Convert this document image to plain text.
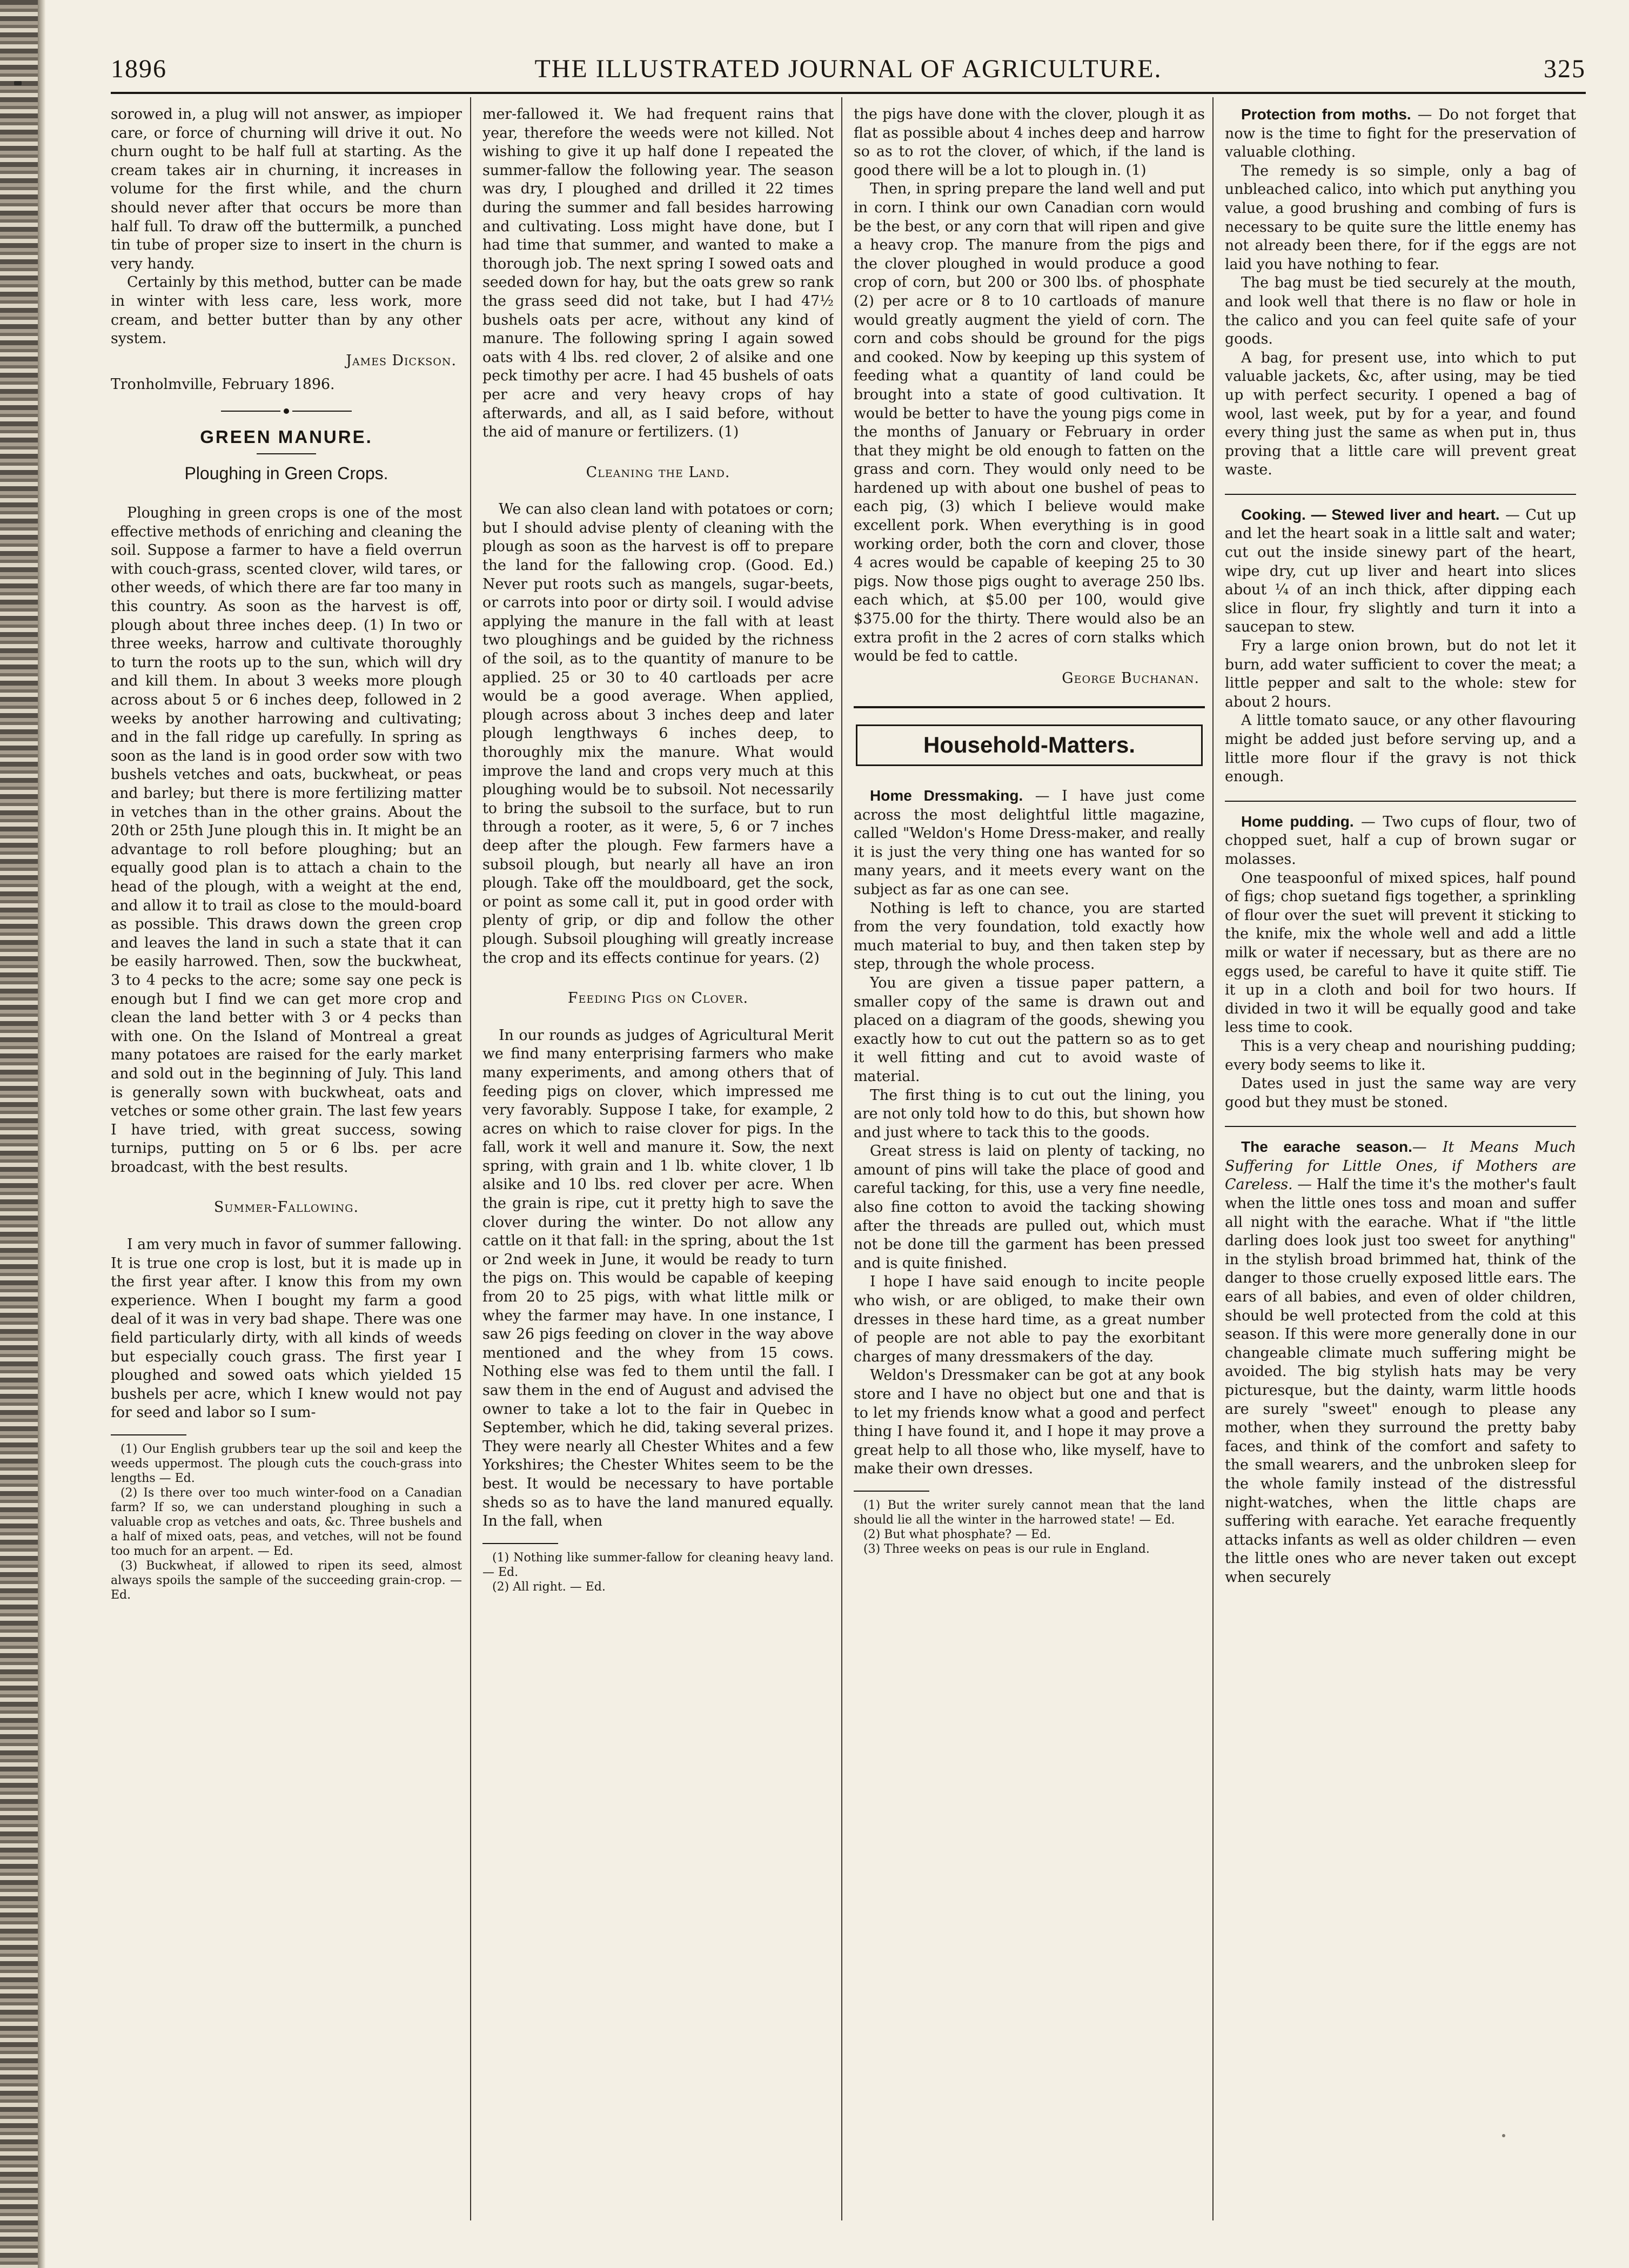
1896	THE ILLUSTRATED JOURNAL OF AGRICULTURE.	325

sorowed in, a plug will not answer, as impioper care, or force of churning will drive it out. No churn ought to be half full at starting. As the cream takes air in churning, it increases in volume for the first while, and the churn should never after that occurs be more than half full. To draw off the buttermilk, a punched tin tube of proper size to insert in the churn is very handy.

Certainly by this method, butter can be made in winter with less care, less work, more cream, and better butter than by any other system.

James Dickson.

Tronholmville, February 1896.

GREEN MANURE.
Ploughing in Green Crops.

Ploughing in green crops is one of the most effective methods of enriching and cleaning the soil. Suppose a farmer to have a field overrun with couch-grass, scented clover, wild tares, or other weeds, of which there are far too many in this country. As soon as the harvest is off, plough about three inches deep. (1) In two or three weeks, harrow and cultivate thoroughly to turn the roots up to the sun, which will dry and kill them. In about 3 weeks more plough across about 5 or 6 inches deep, followed in 2 weeks by another harrowing and cultivating; and in the fall ridge up carefully. In spring as soon as the land is in good order sow with two bushels vetches and oats, buckwheat, or peas and barley; but there is more fertilizing matter in vetches than in the other grains. About the 20th or 25th June plough this in. It might be an advantage to roll before ploughing; but an equally good plan is to attach a chain to the head of the plough, with a weight at the end, and allow it to trail as close to the mould-board as possible. This draws down the green crop and leaves the land in such a state that it can be easily harrowed. Then, sow the buckwheat, 3 to 4 pecks to the acre; some say one peck is enough but I find we can get more crop and clean the land better with 3 or 4 pecks than with one. On the Island of Montreal a great many potatoes are raised for the early market and sold out in the beginning of July. This land is generally sown with buckwheat, oats and vetches or some other grain. The last few years I have tried, with great success, sowing turnips, putting on 5 or 6 lbs. per acre broadcast, with the best results.

Summer-Fallowing.

I am very much in favor of summer fallowing. It is true one crop is lost, but it is made up in the first year after. I know this from my own experience. When I bought my farm a good deal of it was in very bad shape. There was one field particularly dirty, with all kinds of weeds but especially couch grass. The first year I ploughed and sowed oats which yielded 15 bushels per acre, which I knew would not pay for seed and labor so I sum-

(1) Our English grubbers tear up the soil and keep the weeds uppermost. The plough cuts the couch-grass into lengths — Ed.

(2) Is there over too much winter-food on a Canadian farm? If so, we can understand ploughing in such a valuable crop as vetches and oats, &c. Three bushels and a half of mixed oats, peas, and vetches, will not be found too much for an arpent. — Ed.

(3) Buckwheat, if allowed to ripen its seed, almost always spoils the sample of the succeeding grain-crop. — Ed.

mer-fallowed it. We had frequent rains that year, therefore the weeds were not killed. Not wishing to give it up half done I repeated the summer-fallow the following year. The season was dry, I ploughed and drilled it 22 times during the summer and fall besides harrowing and cultivating. Loss might have done, but I had time that summer, and wanted to make a thorough job. The next spring I sowed oats and seeded down for hay, but the oats grew so rank the grass seed did not take, but I had 47½ bushels oats per acre, without any kind of manure. The following spring I again sowed oats with 4 lbs. red clover, 2 of alsike and one peck timothy per acre. I had 45 bushels of oats per acre and very heavy crops of hay afterwards, and all, as I said before, without the aid of manure or fertilizers. (1)

Cleaning the Land.

We can also clean land with potatoes or corn; but I should advise plenty of cleaning with the plough as soon as the harvest is off to prepare the land for the fallowing crop. (Good. Ed.) Never put roots such as mangels, sugar-beets, or carrots into poor or dirty soil. I would advise applying the manure in the fall with at least two ploughings and be guided by the richness of the soil, as to the quantity of manure to be applied. 25 or 30 to 40 cartloads per acre would be a good average. When applied, plough across about 3 inches deep and later plough lengthways 6 inches deep, to thoroughly mix the manure. What would improve the land and crops very much at this ploughing would be to subsoil. Not necessarily to bring the subsoil to the surface, but to run through a rooter, as it were, 5, 6 or 7 inches deep after the plough. Few farmers have a subsoil plough, but nearly all have an iron plough. Take off the mouldboard, get the sock, or point as some call it, put in good order with plenty of grip, or dip and follow the other plough. Subsoil ploughing will greatly increase the crop and its effects continue for years. (2)

Feeding Pigs on Clover.

In our rounds as judges of Agricultural Merit we find many enterprising farmers who make many experiments, and among others that of feeding pigs on clover, which impressed me very favorably. Suppose I take, for example, 2 acres on which to raise clover for pigs. In the fall, work it well and manure it. Sow, the next spring, with grain and 1 lb. white clover, 1 lb alsike and 10 lbs. red clover per acre. When the grain is ripe, cut it pretty high to save the clover during the winter. Do not allow any cattle on it that fall: in the spring, about the 1st or 2nd week in June, it would be ready to turn the pigs on. This would be capable of keeping from 20 to 25 pigs, with what little milk or whey the farmer may have. In one instance, I saw 26 pigs feeding on clover in the way above mentioned and the whey from 15 cows. Nothing else was fed to them until the fall. I saw them in the end of August and advised the owner to take a lot to the fair in Quebec in September, which he did, taking several prizes. They were nearly all Chester Whites and a few Yorkshires; the Chester Whites seem to be the best. It would be necessary to have portable sheds so as to have the land manured equally. In the fall, when

(1) Nothing like summer-fallow for cleaning heavy land. — Ed.

(2) All right. — Ed.

the pigs have done with the clover, plough it as flat as possible about 4 inches deep and harrow so as to rot the clover, of which, if the land is good there will be a lot to plough in. (1)

Then, in spring prepare the land well and put in corn. I think our own Canadian corn would be the best, or any corn that will ripen and give a heavy crop. The manure from the pigs and the clover ploughed in would produce a good crop of corn, but 200 or 300 lbs. of phosphate (2) per acre or 8 to 10 cartloads of manure would greatly augment the yield of corn. The corn and cobs should be ground for the pigs and cooked. Now by keeping up this system of feeding what a quantity of land could be brought into a state of good cultivation. It would be better to have the young pigs come in the months of January or February in order that they might be old enough to fatten on the grass and corn. They would only need to be hardened up with about one bushel of peas to each pig, (3) which I believe would make excellent pork. When everything is in good working order, both the corn and clover, those 4 acres would be capable of keeping 25 to 30 pigs. Now those pigs ought to average 250 lbs. each which, at $5.00 per 100, would give $375.00 for the thirty. There would also be an extra profit in the 2 acres of corn stalks which would be fed to cattle.

George Buchanan.

Household-Matters.

Home Dressmaking. — I have just come across the most delightful little magazine, called "Weldon's Home Dress-maker, and really it is just the very thing one has wanted for so many years, and it meets every want on the subject as far as one can see.

Nothing is left to chance, you are started from the very foundation, told exactly how much material to buy, and then taken step by step, through the whole process.

You are given a tissue paper pattern, a smaller copy of the same is drawn out and placed on a diagram of the goods, shewing you exactly how to cut out the pattern so as to get it well fitting and cut to avoid waste of material.

The first thing is to cut out the lining, you are not only told how to do this, but shown how and just where to tack this to the goods.

Great stress is laid on plenty of tacking, no amount of pins will take the place of good and careful tacking, for this, use a very fine needle, also fine cotton to avoid the tacking showing after the threads are pulled out, which must not be done till the garment has been pressed and is quite finished.

I hope I have said enough to incite people who wish, or are obliged, to make their own dresses in these hard time, as a great number of people are not able to pay the exorbitant charges of many dressmakers of the day.

Weldon's Dressmaker can be got at any book store and I have no object but one and that is to let my friends know what a good and perfect thing I have found it, and I hope it may prove a great help to all those who, like myself, have to make their own dresses.

(1) But the writer surely cannot mean that the land should lie all the winter in the harrowed state! — Ed.

(2) But what phosphate? — Ed.

(3) Three weeks on peas is our rule in England.

Protection from moths. — Do not forget that now is the time to fight for the preservation of valuable clothing.

The remedy is so simple, only a bag of unbleached calico, into which put anything you value, a good brushing and combing of furs is necessary to be quite sure the little enemy has not already been there, for if the eggs are not laid you have nothing to fear.

The bag must be tied securely at the mouth, and look well that there is no flaw or hole in the calico and you can feel quite safe of your goods.

A bag, for present use, into which to put valuable jackets, &c, after using, may be tied up with perfect security. I opened a bag of wool, last week, put by for a year, and found every thing just the same as when put in, thus proving that a little care will prevent great waste.

Cooking. — Stewed liver and heart. — Cut up and let the heart soak in a little salt and water; cut out the inside sinewy part of the heart, wipe dry, cut up liver and heart into slices about ¼ of an inch thick, after dipping each slice in flour, fry slightly and turn it into a saucepan to stew.

Fry a large onion brown, but do not let it burn, add water sufficient to cover the meat; a little pepper and salt to the whole: stew for about 2 hours.

A little tomato sauce, or any other flavouring might be added just before serving up, and a little more flour if the gravy is not thick enough.

Home pudding. — Two cups of flour, two of chopped suet, half a cup of brown sugar or molasses.

One teaspoonful of mixed spices, half pound of figs; chop suetand figs together, a sprinkling of flour over the suet will prevent it sticking to the knife, mix the whole well and add a little milk or water if necessary, but as there are no eggs used, be careful to have it quite stiff. Tie it up in a cloth and boil for two hours. If divided in two it will be equally good and take less time to cook.

This is a very cheap and nourishing pudding; every body seems to like it.

Dates used in just the same way are very good but they must be stoned.

The earache season.— It Means Much Suffering for Little Ones, if Mothers are Careless. — Half the time it's the mother's fault when the little ones toss and moan and suffer all night with the earache. What if "the little darling does look just too sweet for anything" in the stylish broad brimmed hat, think of the danger to those cruelly exposed little ears. The ears of all babies, and even of older children, should be well protected from the cold at this season. If this were more generally done in our changeable climate much suffering might be avoided. The big stylish hats may be very picturesque, but the dainty, warm little hoods are surely "sweet" enough to please any mother, when they surround the pretty baby faces, and think of the comfort and safety to the small wearers, and the unbroken sleep for the whole family instead of the distressful night-watches, when the little chaps are suffering with earache. Yet earache frequently attacks infants as well as older children — even the little ones who are never taken out except when securely
